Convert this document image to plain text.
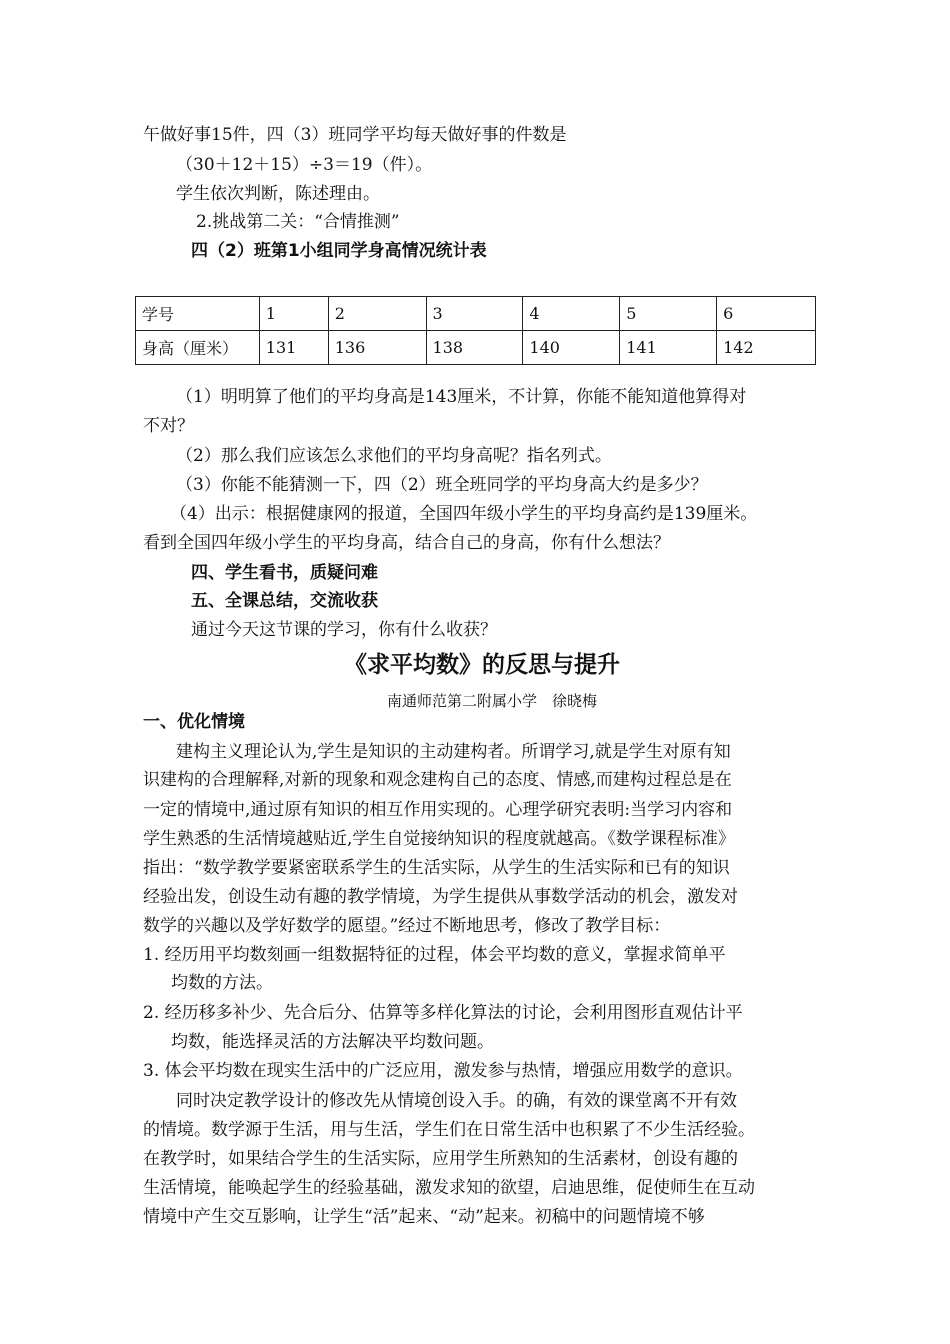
午做好事15件，四（3）班同学平均每天做好事的件数是
（30＋12＋15）÷3＝19（件）。
学生依次判断，陈述理由。
2.挑战第二关：“合情推测”
四（2）班第1小组同学身高情况统计表
学号	1	2	3	4	5	6
身高（厘米）	131	136	138	140	141	142
（1）明明算了他们的平均身高是143厘米，不计算，你能不能知道他算得对
不对？
（2）那么我们应该怎么求他们的平均身高呢？指名列式。
（3）你能不能猜测一下，四（2）班全班同学的平均身高大约是多少？
（4）出示：根据健康网的报道，全国四年级小学生的平均身高约是139厘米。
看到全国四年级小学生的平均身高，结合自己的身高，你有什么想法？
四、学生看书，质疑问难
五、全课总结，交流收获
通过今天这节课的学习，你有什么收获？
《求平均数》的反思与提升
南通师范第二附属小学　徐晓梅
一、优化情境
建构主义理论认为,学生是知识的主动建构者。所谓学习,就是学生对原有知
识建构的合理解释,对新的现象和观念建构自己的态度、情感,而建构过程总是在
一定的情境中,通过原有知识的相互作用实现的。心理学研究表明:当学习内容和
学生熟悉的生活情境越贴近,学生自觉接纳知识的程度就越高。《数学课程标准》
指出：“数学教学要紧密联系学生的生活实际，从学生的生活实际和已有的知识
经验出发，创设生动有趣的教学情境，为学生提供从事数学活动的机会，激发对
数学的兴趣以及学好数学的愿望。”经过不断地思考，修改了教学目标：
1. 经历用平均数刻画一组数据特征的过程，体会平均数的意义，掌握求简单平
均数的方法。
2. 经历移多补少、先合后分、估算等多样化算法的讨论，会利用图形直观估计平
均数，能选择灵活的方法解决平均数问题。
3. 体会平均数在现实生活中的广泛应用，激发参与热情，增强应用数学的意识。
同时决定教学设计的修改先从情境创设入手。的确，有效的课堂离不开有效
的情境。数学源于生活，用与生活，学生们在日常生活中也积累了不少生活经验。
在教学时，如果结合学生的生活实际，应用学生所熟知的生活素材，创设有趣的
生活情境，能唤起学生的经验基础，激发求知的欲望，启迪思维，促使师生在互动
情境中产生交互影响，让学生“活”起来、“动”起来。初稿中的问题情境不够
